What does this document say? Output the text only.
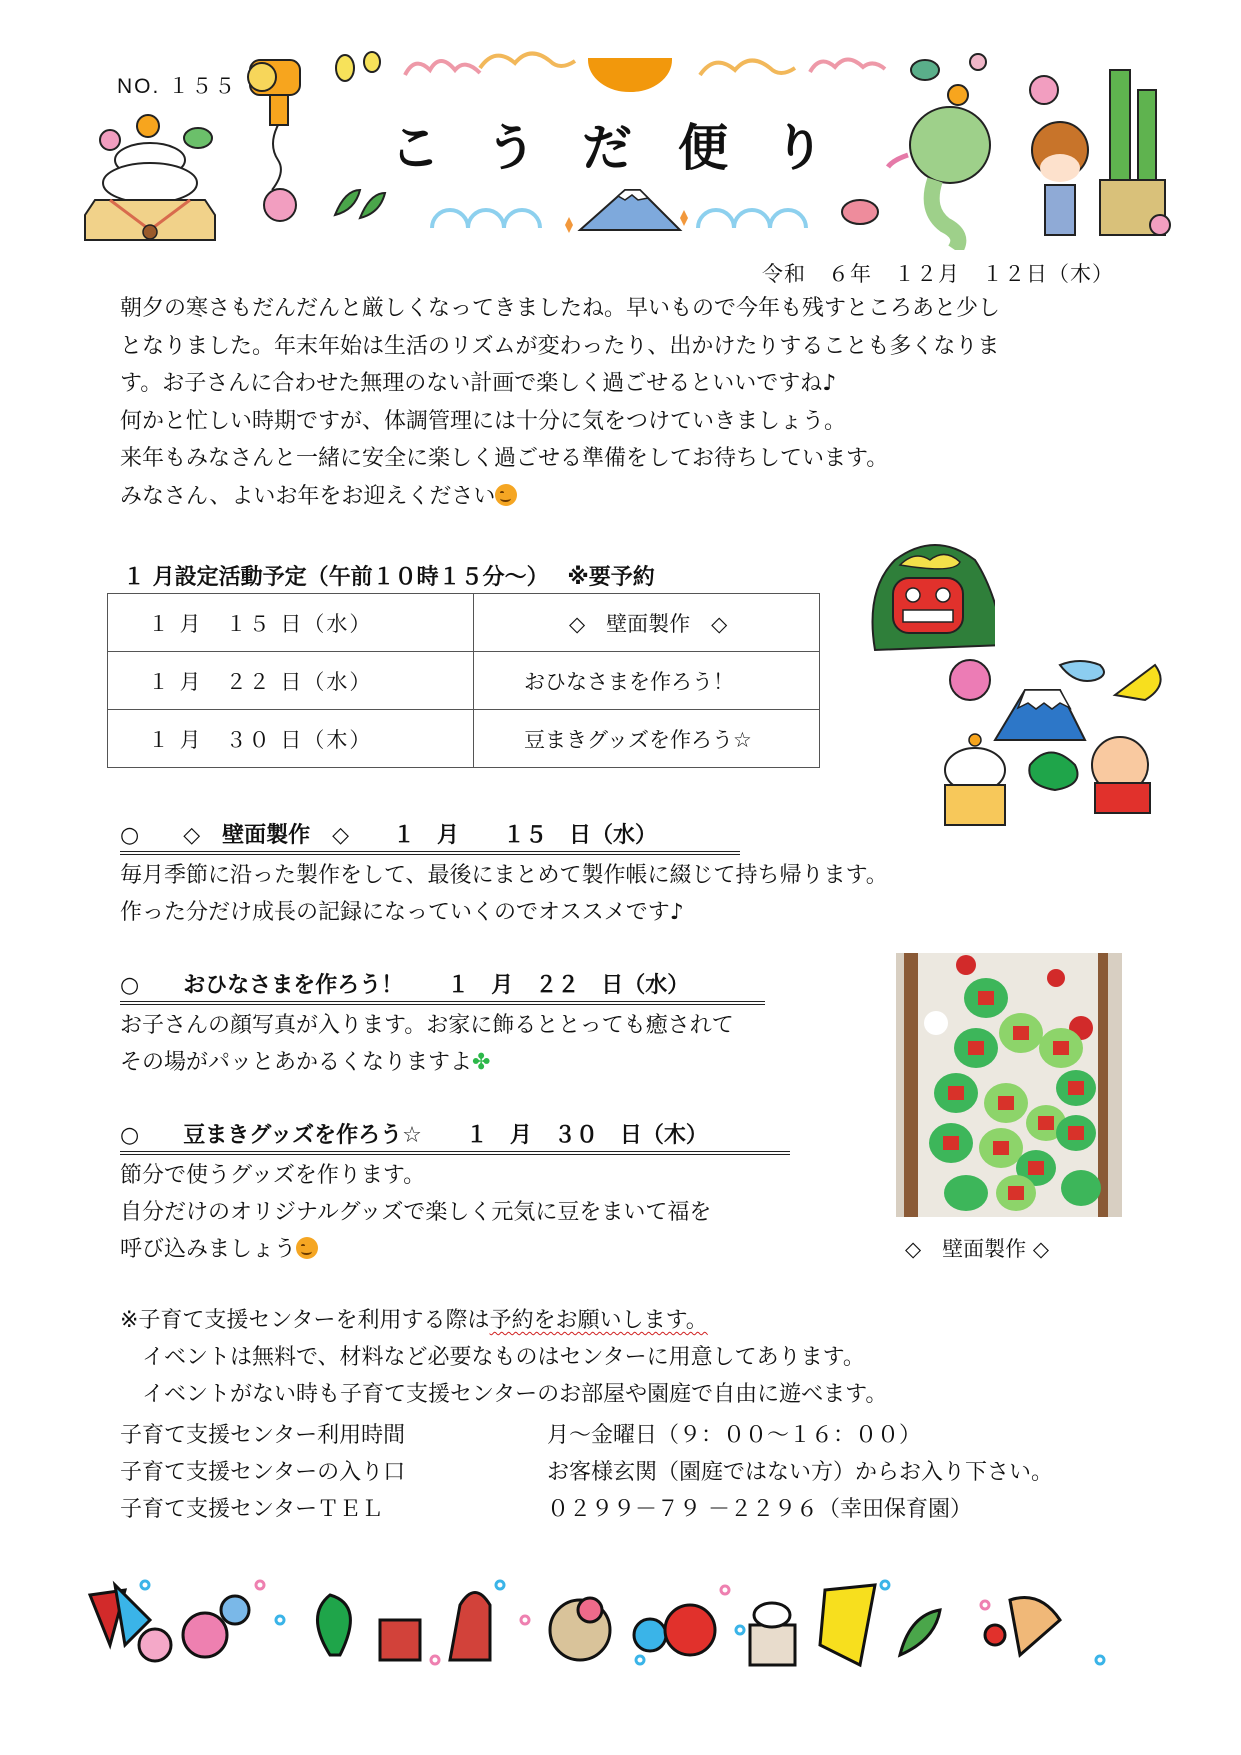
NO. １５５
こうだ便り
令和　６年　１２月　１２日（木）
朝夕の寒さもだんだんと厳しくなってきましたね。早いもので今年も残すところあと少し
となりました。年末年始は生活のリズムが変わったり、出かけたりすることも多くなりま
す。お子さんに合わせた無理のない計画で楽しく過ごせるといいですね♪
何かと忙しい時期ですが、体調管理には十分に気をつけていきましょう。
来年もみなさんと一緒に安全に楽しく過ごせる準備をしてお待ちしています。
みなさん、よいお年をお迎えください
１ 月設定活動予定（午前１０時１５分～）　 ※要予約
１ 月　１５ 日（水）	◇　壁面製作　◇
１ 月　２２ 日（水）	おひなさまを作ろう！
１ 月　３０ 日（木）	豆まきグッズを作ろう☆
○　　◇　壁面製作　◇　　１　月　　１５　日（水）
毎月季節に沿った製作をして、最後にまとめて製作帳に綴じて持ち帰ります。
作った分だけ成長の記録になっていくのでオススメです♪
○　　おひなさまを作ろう！　　１　月　２２　日（水）
お子さんの顔写真が入ります。お家に飾るととっても癒されて
その場がパッとあかるくなりますよ✤
○　　豆まきグッズを作ろう☆　　１　月　３０　日（木）
節分で使うグッズを作ります。
自分だけのオリジナルグッズで楽しく元気に豆をまいて福を
呼び込みましょう	◇　壁面製作 ◇
※子育て支援センターを利用する際は予約をお願いします。
　イベントは無料で、材料など必要なものはセンターに用意してあります。
　イベントがない時も子育て支援センターのお部屋や園庭で自由に遊べます。
子育て支援センター利用時間	月～金曜日（９：００～１６：００）
子育て支援センターの入り口	お客様玄関（園庭ではない方）からお入り下さい。
子育て支援センターＴＥＬ	０２９９－７９ －２２９６（幸田保育園）
